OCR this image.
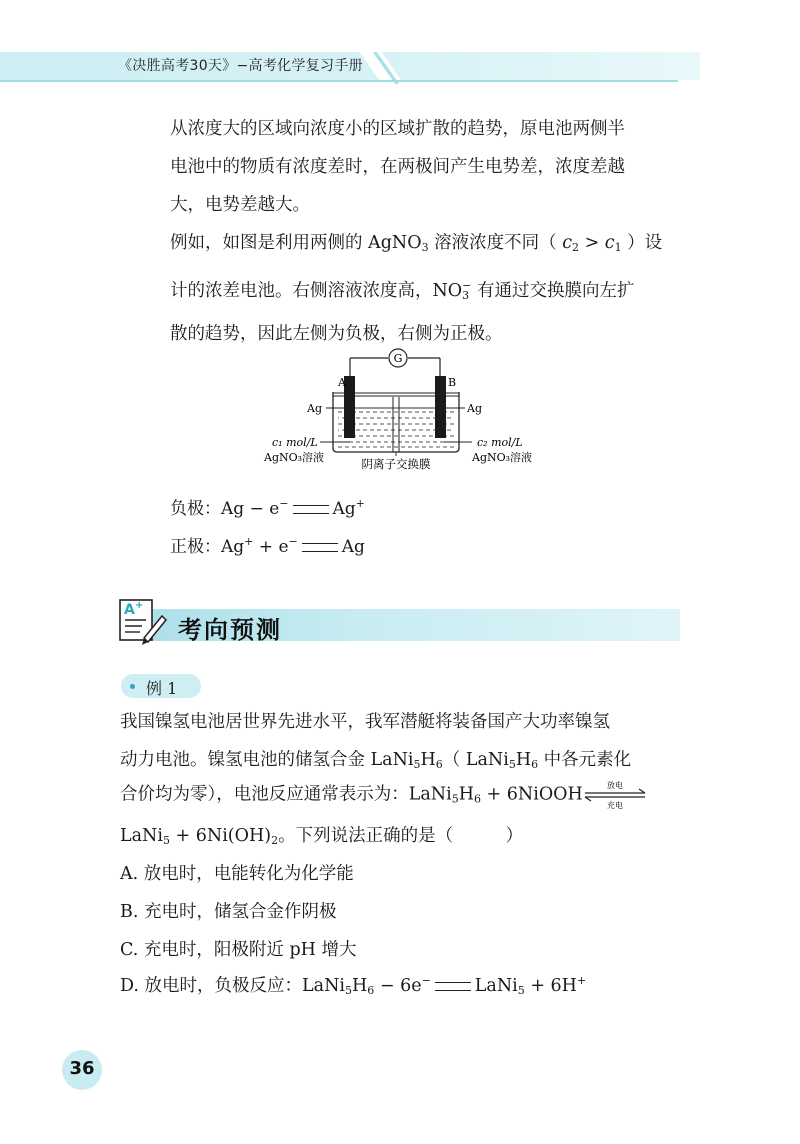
《决胜高考30天》−高考化学复习手册
从浓度大的区域向浓度小的区域扩散的趋势，原电池两侧半
电池中的物质有浓度差时，在两极间产生电势差，浓度差越
大，电势差越大。
例如，如图是利用两侧的 AgNO$_3$ 溶液浓度不同（ $c_2 > c_1$ ）设
计的浓差电池。右侧溶液浓度高，$NO_3^-$ 有通过交换膜向左扩
散的趋势，因此左侧为负极，右侧为正极。
G
A	B
Ag	Ag
c₁ mol/L	c₂ mol/L
AgNO₃溶液	AgNO₃溶液
阴离子交换膜
负极：Ag − e−	Ag+
正极：Ag+ + e−	Ag
A +
考向预测
例 1
我国镍氢电池居世界先进水平，我军潜艇将装备国产大功率镍氢
动力电池。镍氢电池的储氢合金 $LaNi_5H_6$（ $LaNi_5H_6$ 中各元素化
合价均为零），电池反应通常表示为：$LaNi_5H_6$ + 6NiOOH	放电
充电
LaNi$_5$ + $6Ni(OH)_2$。下列说法正确的是（　　　）
A. 放电时，电能转化为化学能
B. 充电时，储氢合金作阴极
C. 充电时，阳极附近 pH 增大
D. 放电时，负极反应：$LaNi_5H_6 - 6e^-$	LaNi$_5$ + 6H+
36
